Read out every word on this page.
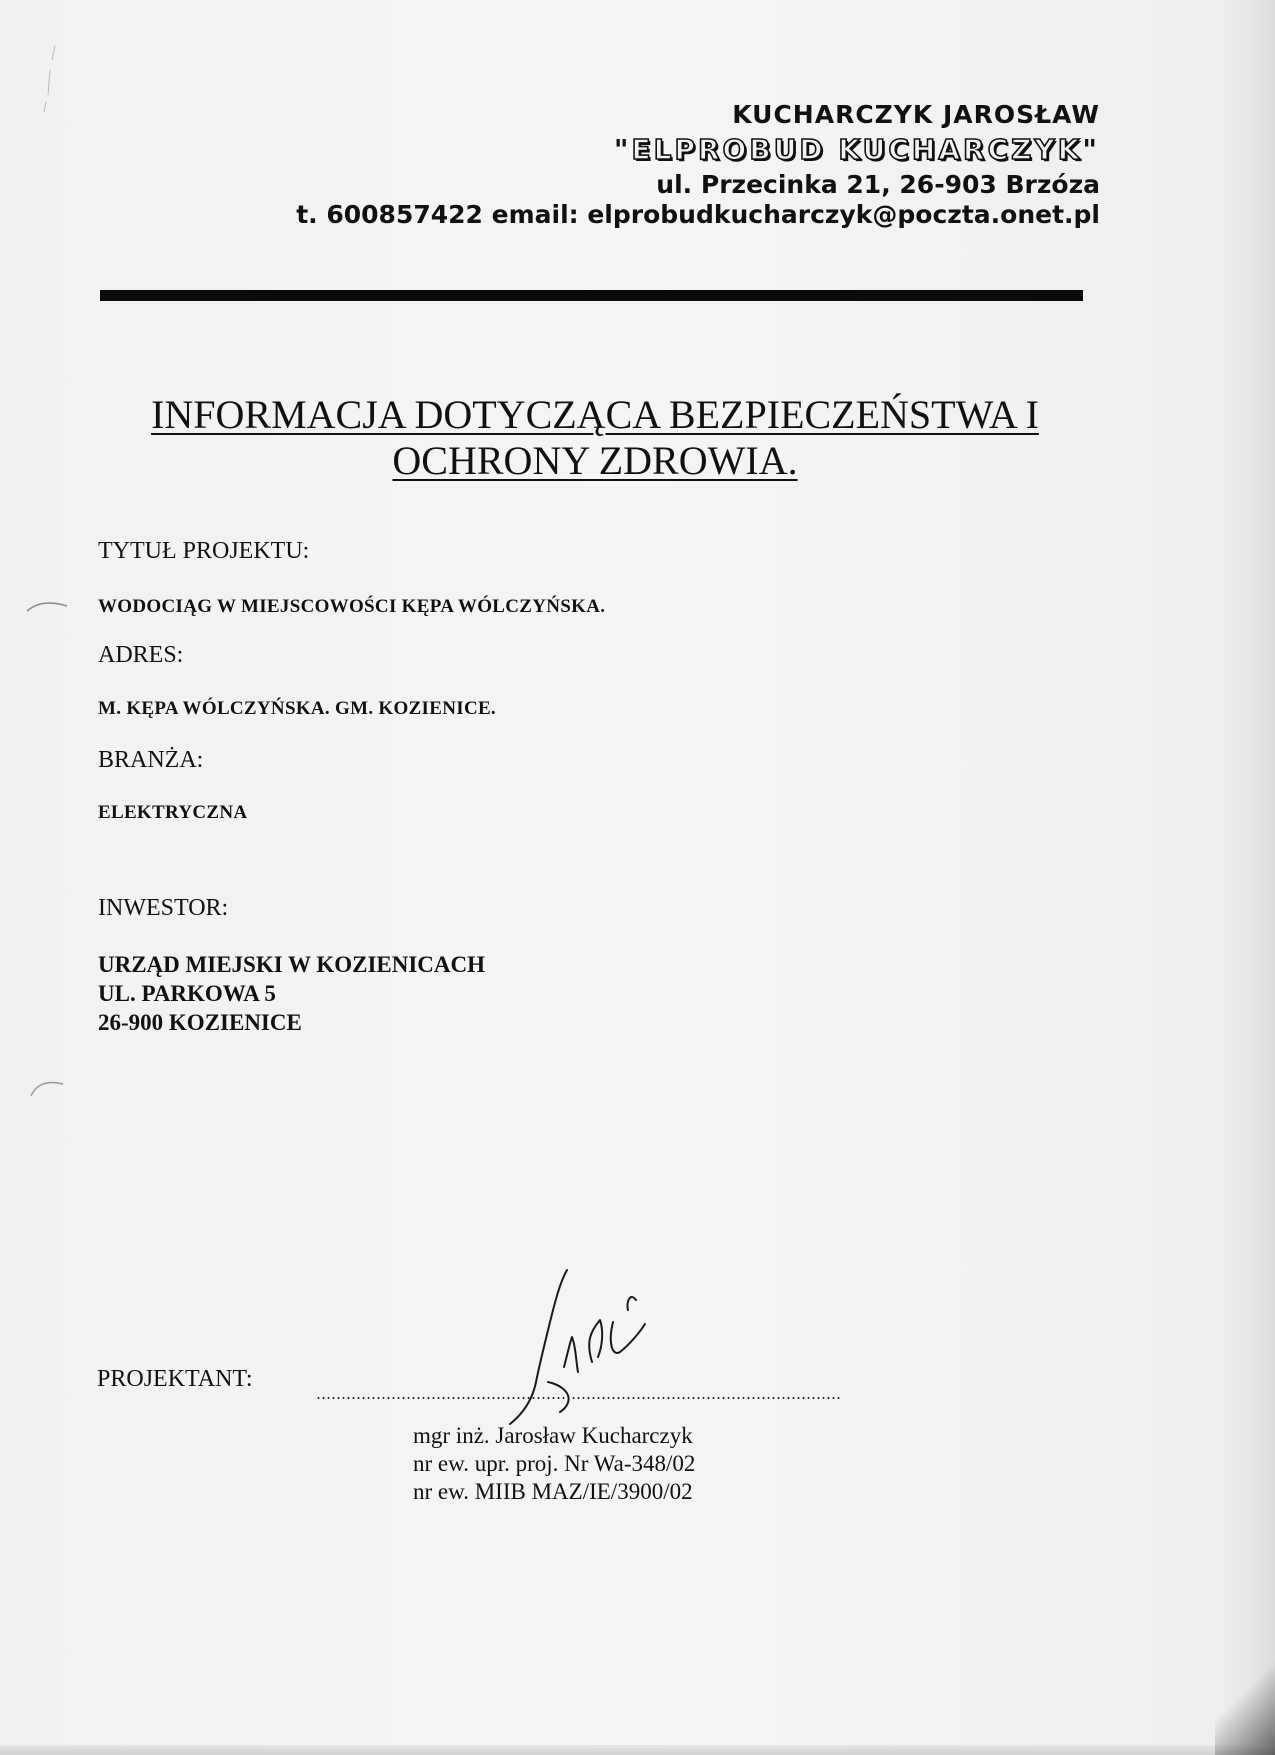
KUCHARCZYK JAROSŁAW
"ELPROBUD KUCHARCZYK"
ul. Przecinka 21, 26-903 Brzóza
t. 600857422 email: elprobudkucharczyk@poczta.onet.pl
INFORMACJA DOTYCZĄCA BEZPIECZEŃSTWA I
OCHRONY ZDROWIA.
TYTUŁ PROJEKTU:
WODOCIĄG W MIEJSCOWOŚCI KĘPA WÓLCZYŃSKA.
ADRES:
M. KĘPA WÓLCZYŃSKA. GM. KOZIENICE.
BRANŻA:
ELEKTRYCZNA
INWESTOR:
URZĄD MIEJSKI W KOZIENICACH
UL. PARKOWA 5
26-900 KOZIENICE
PROJEKTANT:
mgr inż. Jarosław Kucharczyk
nr ew. upr. proj. Nr Wa-348/02
nr ew. MIIB MAZ/IE/3900/02
